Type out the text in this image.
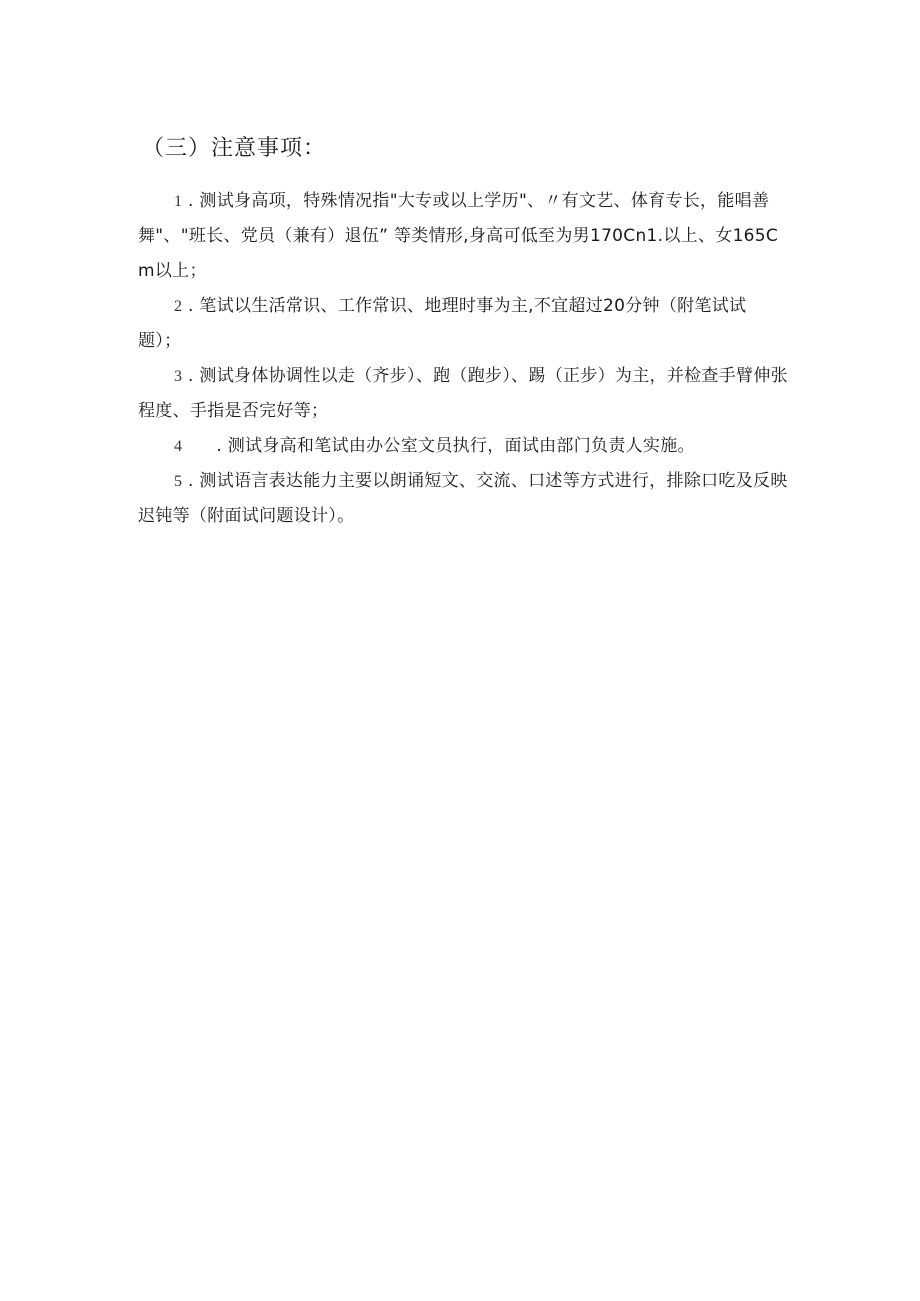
（三）注意事项：

1 . 测试身高项，特殊情况指"大专或以上学历"、〃有文艺、体育专长，能唱善舞"、"班长、党员（兼有）退伍” 等类情形,身高可低至为男170Cn1.以上、女165Cm以上；

2 . 笔试以生活常识、工作常识、地理时事为主,不宜超过20分钟（附笔试试题）；

3 . 测试身体协调性以走（齐步）、跑（跑步）、踢（正步）为主，并检查手臂伸张程度、手指是否完好等；

4 . 测试身高和笔试由办公室文员执行，面试由部门负责人实施。

5 . 测试语言表达能力主要以朗诵短文、交流、口述等方式进行，排除口吃及反映迟钝等（附面试问题设计）。
